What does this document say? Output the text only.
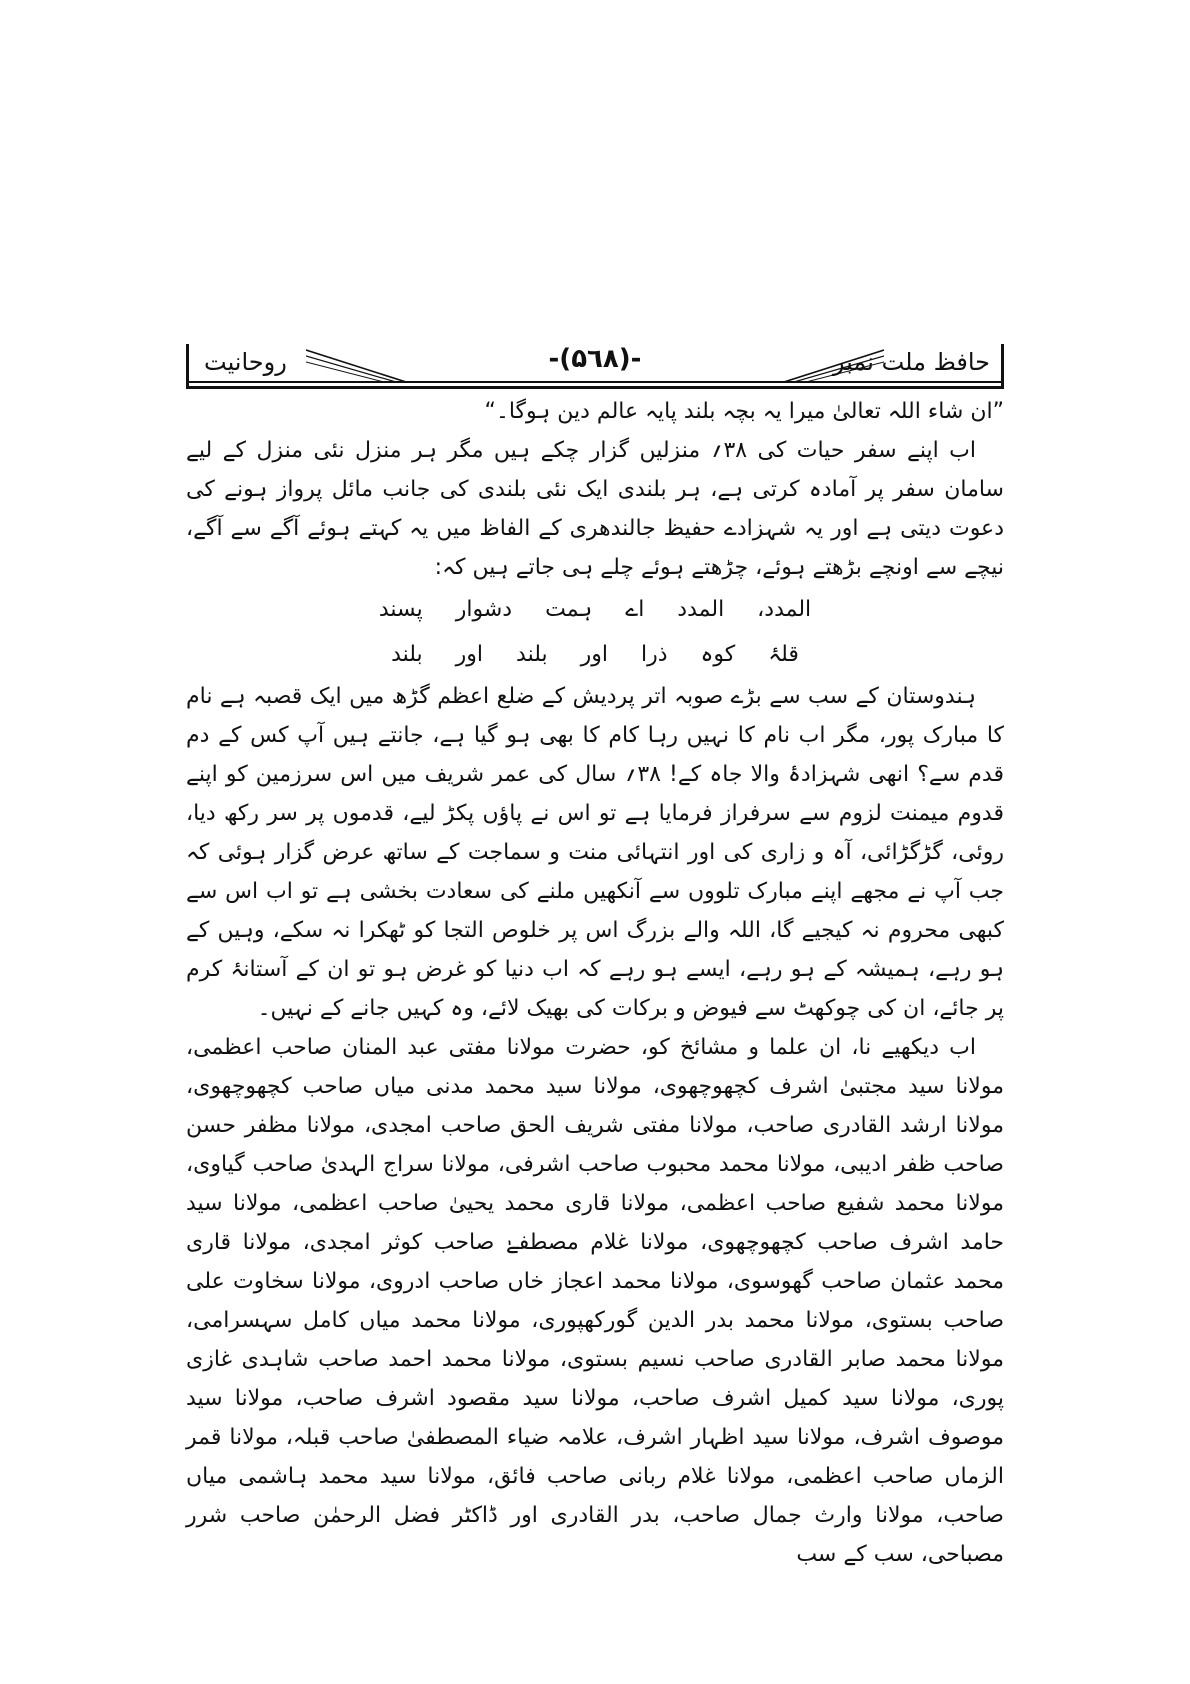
حافظ ملت نمبر
-(۵٦۸)-
روحانیت

”ان شاء اللہ تعالیٰ میرا یہ بچہ بلند پایہ عالم دین ہوگا۔“

اب اپنے سفر حیات کی ۳۸؍ منزلیں گزار چکے ہیں مگر ہر منزل نئی منزل کے لیے سامان سفر پر آمادہ کرتی ہے، ہر بلندی ایک نئی بلندی کی جانب مائل پرواز ہونے کی دعوت دیتی ہے اور یہ شہزادے حفیظ جالندھری کے الفاظ میں یہ کہتے ہوئے آگے سے آگے، نیچے سے اونچے بڑھتے ہوئے، چڑھتے ہوئے چلے ہی جاتے ہیں کہ:

المدد، المدد اے ہمت دشوار پسند

قلۂ کوہ ذرا اور بلند اور بلند

ہندوستان کے سب سے بڑے صوبہ اتر پردیش کے ضلع اعظم گڑھ میں ایک قصبہ ہے نام کا مبارک پور، مگر اب نام کا نہیں رہا کام کا بھی ہو گیا ہے، جانتے ہیں آپ کس کے دم قدم سے؟ انھی شہزادۂ والا جاہ کے! ۳۸؍ سال کی عمر شریف میں اس سرزمین کو اپنے قدوم میمنت لزوم سے سرفراز فرمایا ہے تو اس نے پاؤں پکڑ لیے، قدموں پر سر رکھ دیا، روئی، گڑگڑائی، آہ و زاری کی اور انتہائی منت و سماجت کے ساتھ عرض گزار ہوئی کہ جب آپ نے مجھے اپنے مبارک تلووں سے آنکھیں ملنے کی سعادت بخشی ہے تو اب اس سے کبھی محروم نہ کیجیے گا، اللہ والے بزرگ اس پر خلوص التجا کو ٹھکرا نہ سکے، وہیں کے ہو رہے، ہمیشہ کے ہو رہے، ایسے ہو رہے کہ اب دنیا کو غرض ہو تو ان کے آستانۂ کرم پر جائے، ان کی چوکھٹ سے فیوض و برکات کی بھیک لائے، وہ کہیں جانے کے نہیں۔

اب دیکھیے نا، ان علما و مشائخ کو، حضرت مولانا مفتی عبد المنان صاحب اعظمی، مولانا سید مجتبیٰ اشرف کچھوچھوی، مولانا سید محمد مدنی میاں صاحب کچھوچھوی، مولانا ارشد القادری صاحب، مولانا مفتی شریف الحق صاحب امجدی، مولانا مظفر حسن صاحب ظفر ادیبی، مولانا محمد محبوب صاحب اشرفی، مولانا سراج الہدیٰ صاحب گیاوی، مولانا محمد شفیع صاحب اعظمی، مولانا قاری محمد یحییٰ صاحب اعظمی، مولانا سید حامد اشرف صاحب کچھوچھوی، مولانا غلام مصطفےٰ صاحب کوثر امجدی، مولانا قاری محمد عثمان صاحب گھوسوی، مولانا محمد اعجاز خاں صاحب ادروی، مولانا سخاوت علی صاحب بستوی، مولانا محمد بدر الدین گورکھپوری، مولانا محمد میاں کامل سہسرامی، مولانا محمد صابر القادری صاحب نسیم بستوی، مولانا محمد احمد صاحب شاہدی غازی پوری، مولانا سید کمیل اشرف صاحب، مولانا سید مقصود اشرف صاحب، مولانا سید موصوف اشرف، مولانا سید اظہار اشرف، علامہ ضیاء المصطفیٰ صاحب قبلہ، مولانا قمر الزماں صاحب اعظمی، مولانا غلام ربانی صاحب فائق، مولانا سید محمد ہاشمی میاں صاحب، مولانا وارث جمال صاحب، بدر القادری اور ڈاکٹر فضل الرحمٰن صاحب شرر مصباحی، سب کے سب
